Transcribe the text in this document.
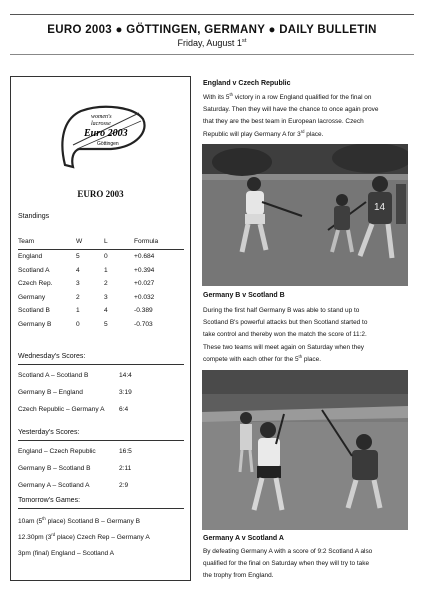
EURO 2003 ● GÖTTINGEN, GERMANY ● DAILY BULLETIN
Friday, August 1st
women's
lacrosse
Euro 2003
Göttingen
EURO 2003
Standings
Team	W	L	Formula
England	5	0	+0.684
Scotland A	4	1	+0.394
Czech Rep.	3	2	+0.027
Germany	2	3	+0.032
Scotland B	1	4	-0.389
Germany B	0	5	-0.703
Wednesday's Scores:
Scotland A – Scotland B	14:4
Germany B – England	3:19
Czech Republic – Germany A	6:4
Yesterday's Scores:
England – Czech Republic	16:5
Germany B – Scotland B	2:11
Germany A – Scotland A	2:9
Tomorrow's Games:
10am (5th place) Scotland B – Germany B
12.30pm (3rd place) Czech Rep – Germany A
3pm (final) England – Scotland A
England v Czech Republic
With its 5th victory in a row England qualified for the final on
Saturday. Then they will have the chance to once again prove
that they are the best team in European lacrosse. Czech
Republic will play Germany A for 3rd place.
14
Germany B v Scotland B
During the first half Germany B was able to stand up to
Scotland B's powerful attacks but then Scotland started to
take control and thereby won the match the score of 11:2.
These two teams will meet again on Saturday when they
compete with each other for the 5th place.
Germany A v Scotland A
By defeating Germany A with a score of 9:2 Scotland A also
qualified for the final on Saturday when they will try to take
the trophy from England.
